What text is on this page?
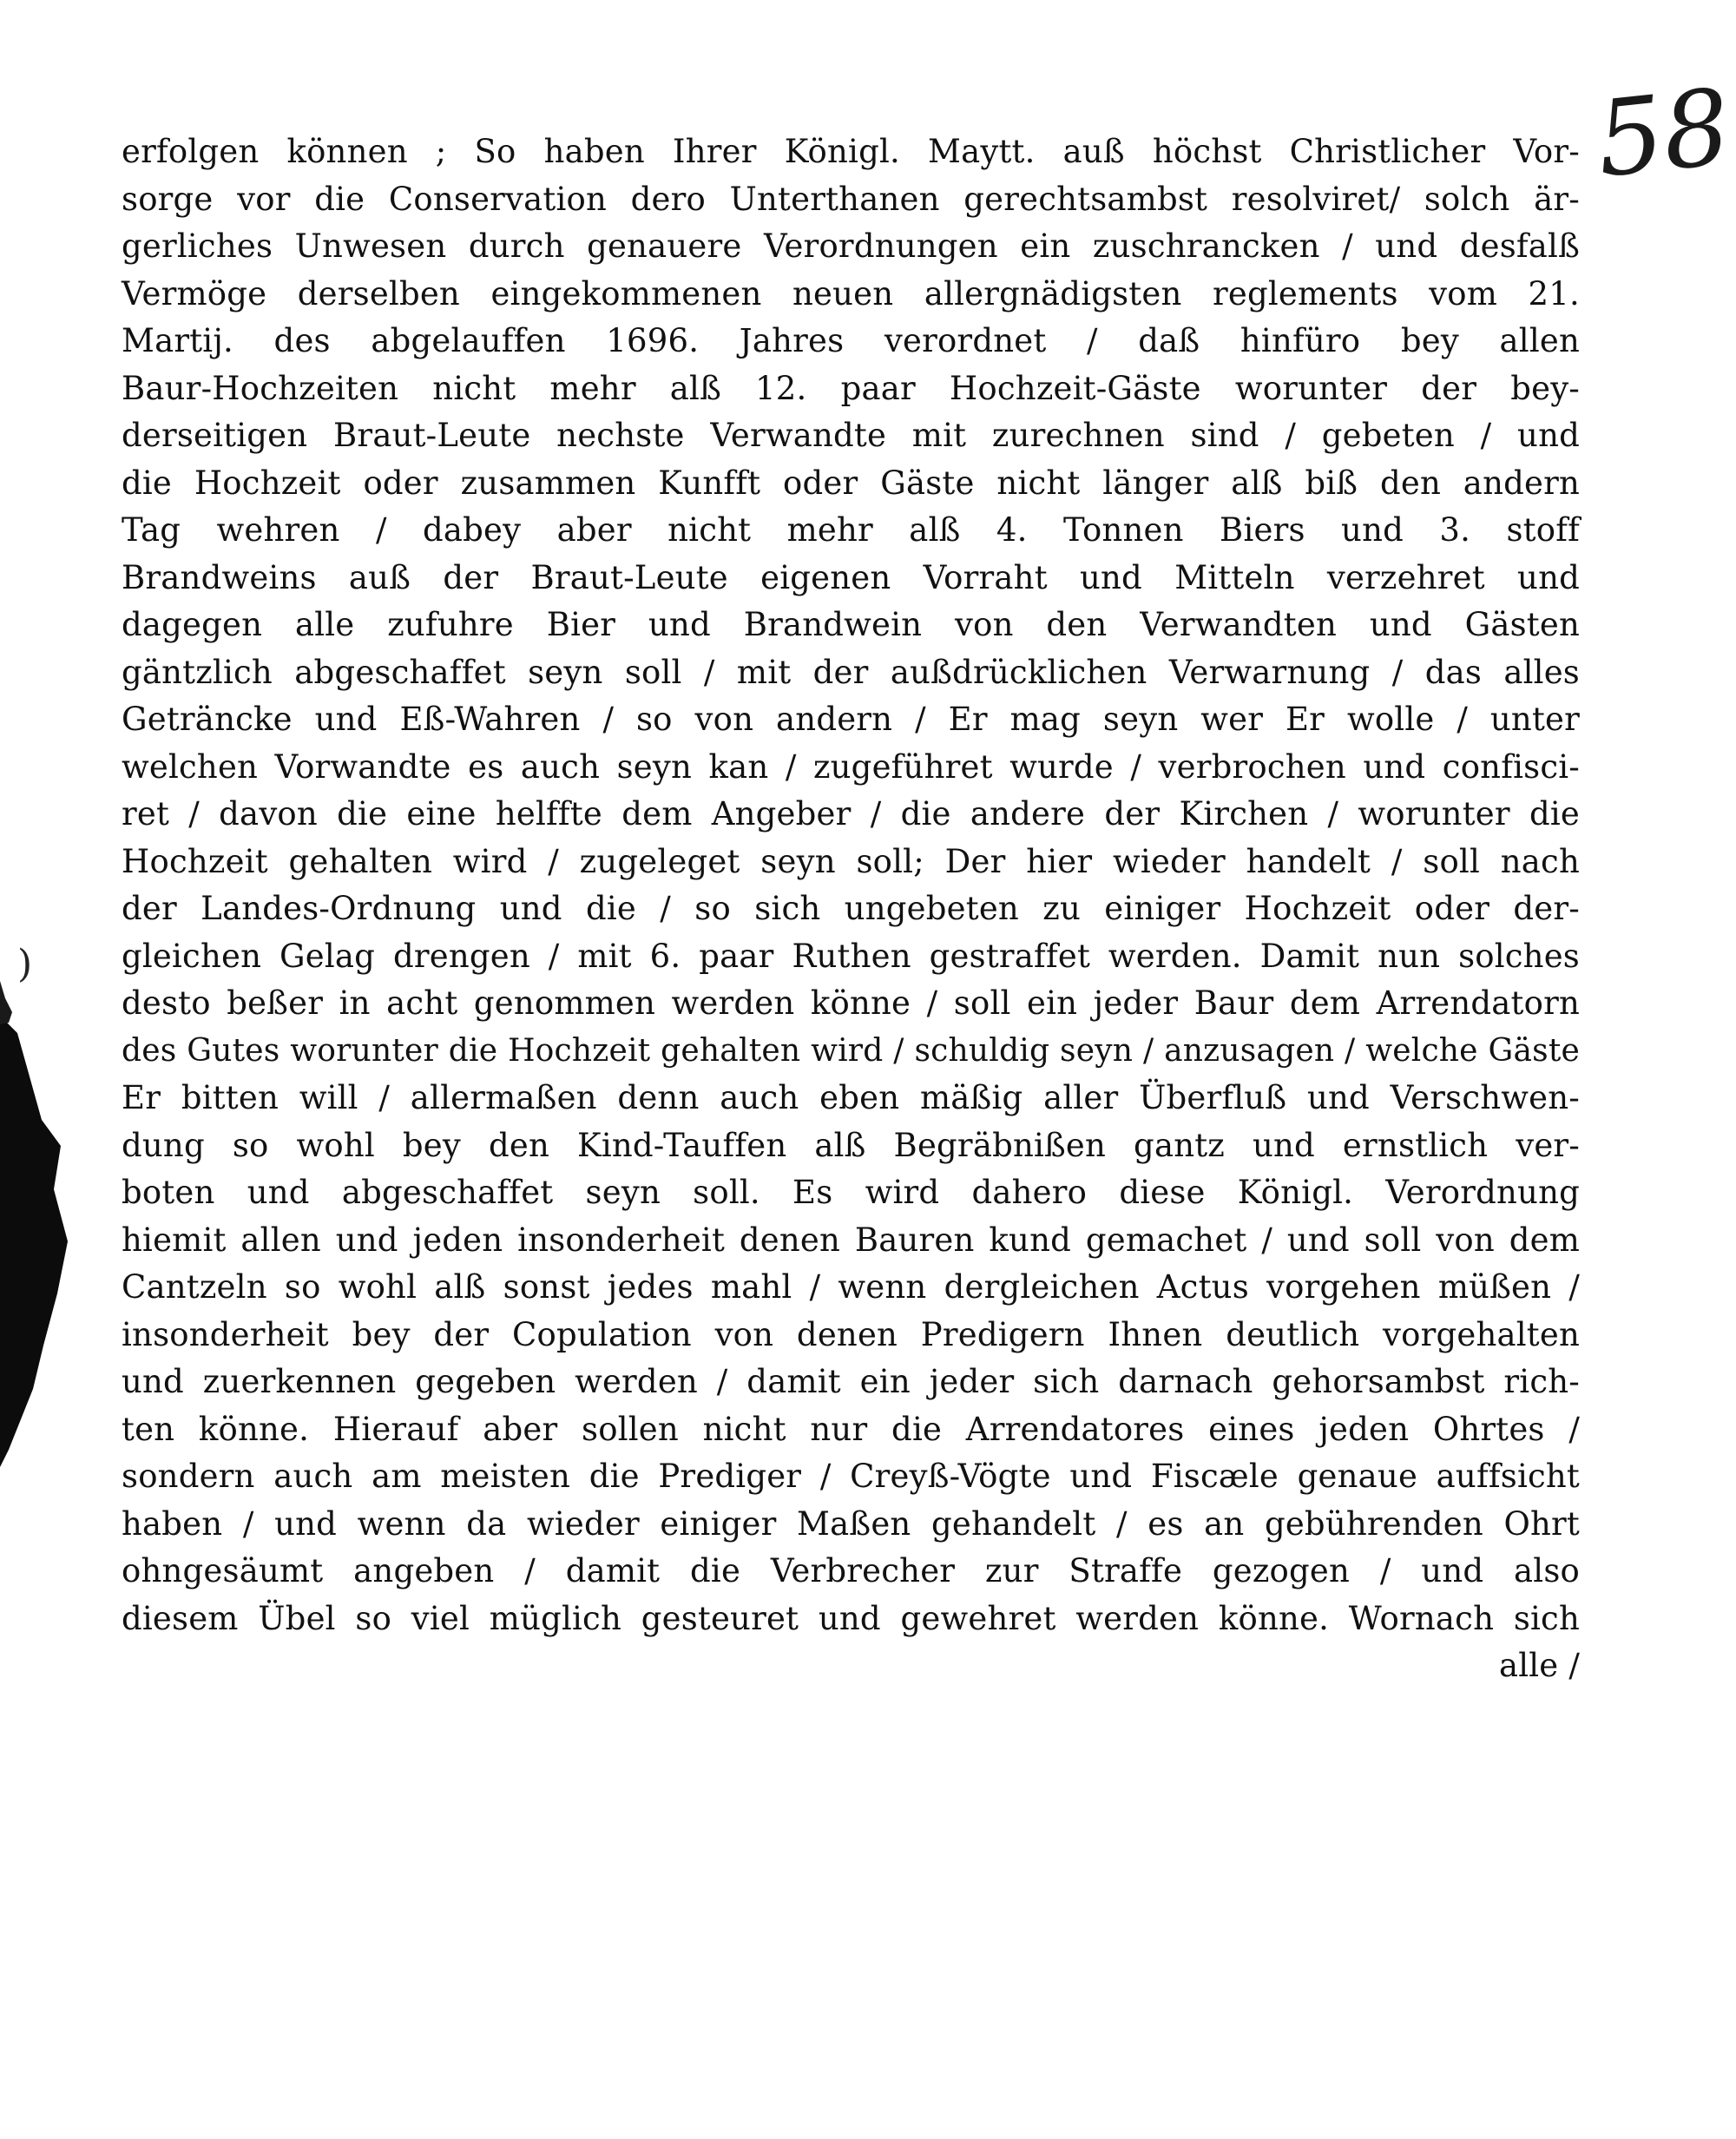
)
58
erfolgen können ; So haben Ihrer Königl. Maytt. auß höchst Christlicher Vor-
sorge vor die Conservation dero Unterthanen gerechtsambst resolviret/ solch är-
gerliches Unwesen durch genauere Verordnungen ein zuschrancken / und desfalß
Vermöge derselben eingekommenen neuen allergnädigsten reglements vom 21.
Martij. des abgelauffen 1696. Jahres verordnet / daß hinfüro bey allen
Baur-Hochzeiten nicht mehr alß 12. paar Hochzeit-Gäste worunter der bey-
derseitigen Braut-Leute nechste Verwandte mit zurechnen sind / gebeten / und
die Hochzeit oder zusammen Kunfft oder Gäste nicht länger alß biß den andern
Tag wehren / dabey aber nicht mehr alß 4. Tonnen Biers und 3. stoff
Brandweins auß der Braut-Leute eigenen Vorraht und Mitteln verzehret und
dagegen alle zufuhre Bier und Brandwein von den Verwandten und Gästen
gäntzlich abgeschaffet seyn soll / mit der außdrücklichen Verwarnung / das alles
Geträncke und Eß-Wahren / so von andern / Er mag seyn wer Er wolle / unter
welchen Vorwandte es auch seyn kan / zugeführet wurde / verbrochen und confisci-
ret / davon die eine helffte dem Angeber / die andere der Kirchen / worunter die
Hochzeit gehalten wird / zugeleget seyn soll; Der hier wieder handelt / soll nach
der Landes-Ordnung und die / so sich ungebeten zu einiger Hochzeit oder der-
gleichen Gelag drengen / mit 6. paar Ruthen gestraffet werden. Damit nun solches
desto beßer in acht genommen werden könne / soll ein jeder Baur dem Arrendatorn
des Gutes worunter die Hochzeit gehalten wird / schuldig seyn / anzusagen / welche Gäste
Er bitten will / allermaßen denn auch eben mäßig aller Überfluß und Verschwen-
dung so wohl bey den Kind-Tauffen alß Begräbnißen gantz und ernstlich ver-
boten und abgeschaffet seyn soll. Es wird dahero diese Königl. Verordnung
hiemit allen und jeden insonderheit denen Bauren kund gemachet / und soll von dem
Cantzeln so wohl alß sonst jedes mahl / wenn dergleichen Actus vorgehen müßen /
insonderheit bey der Copulation von denen Predigern Ihnen deutlich vorgehalten
und zuerkennen gegeben werden / damit ein jeder sich darnach gehorsambst rich-
ten könne. Hierauf aber sollen nicht nur die Arrendatores eines jeden Ohrtes /
sondern auch am meisten die Prediger / Creyß-Vögte und Fiscæle genaue auffsicht
haben / und wenn da wieder einiger Maßen gehandelt / es an gebührenden Ohrt
ohngesäumt angeben / damit die Verbrecher zur Straffe gezogen / und also
diesem Übel so viel müglich gesteuret und gewehret werden könne. Wornach sich
alle /
